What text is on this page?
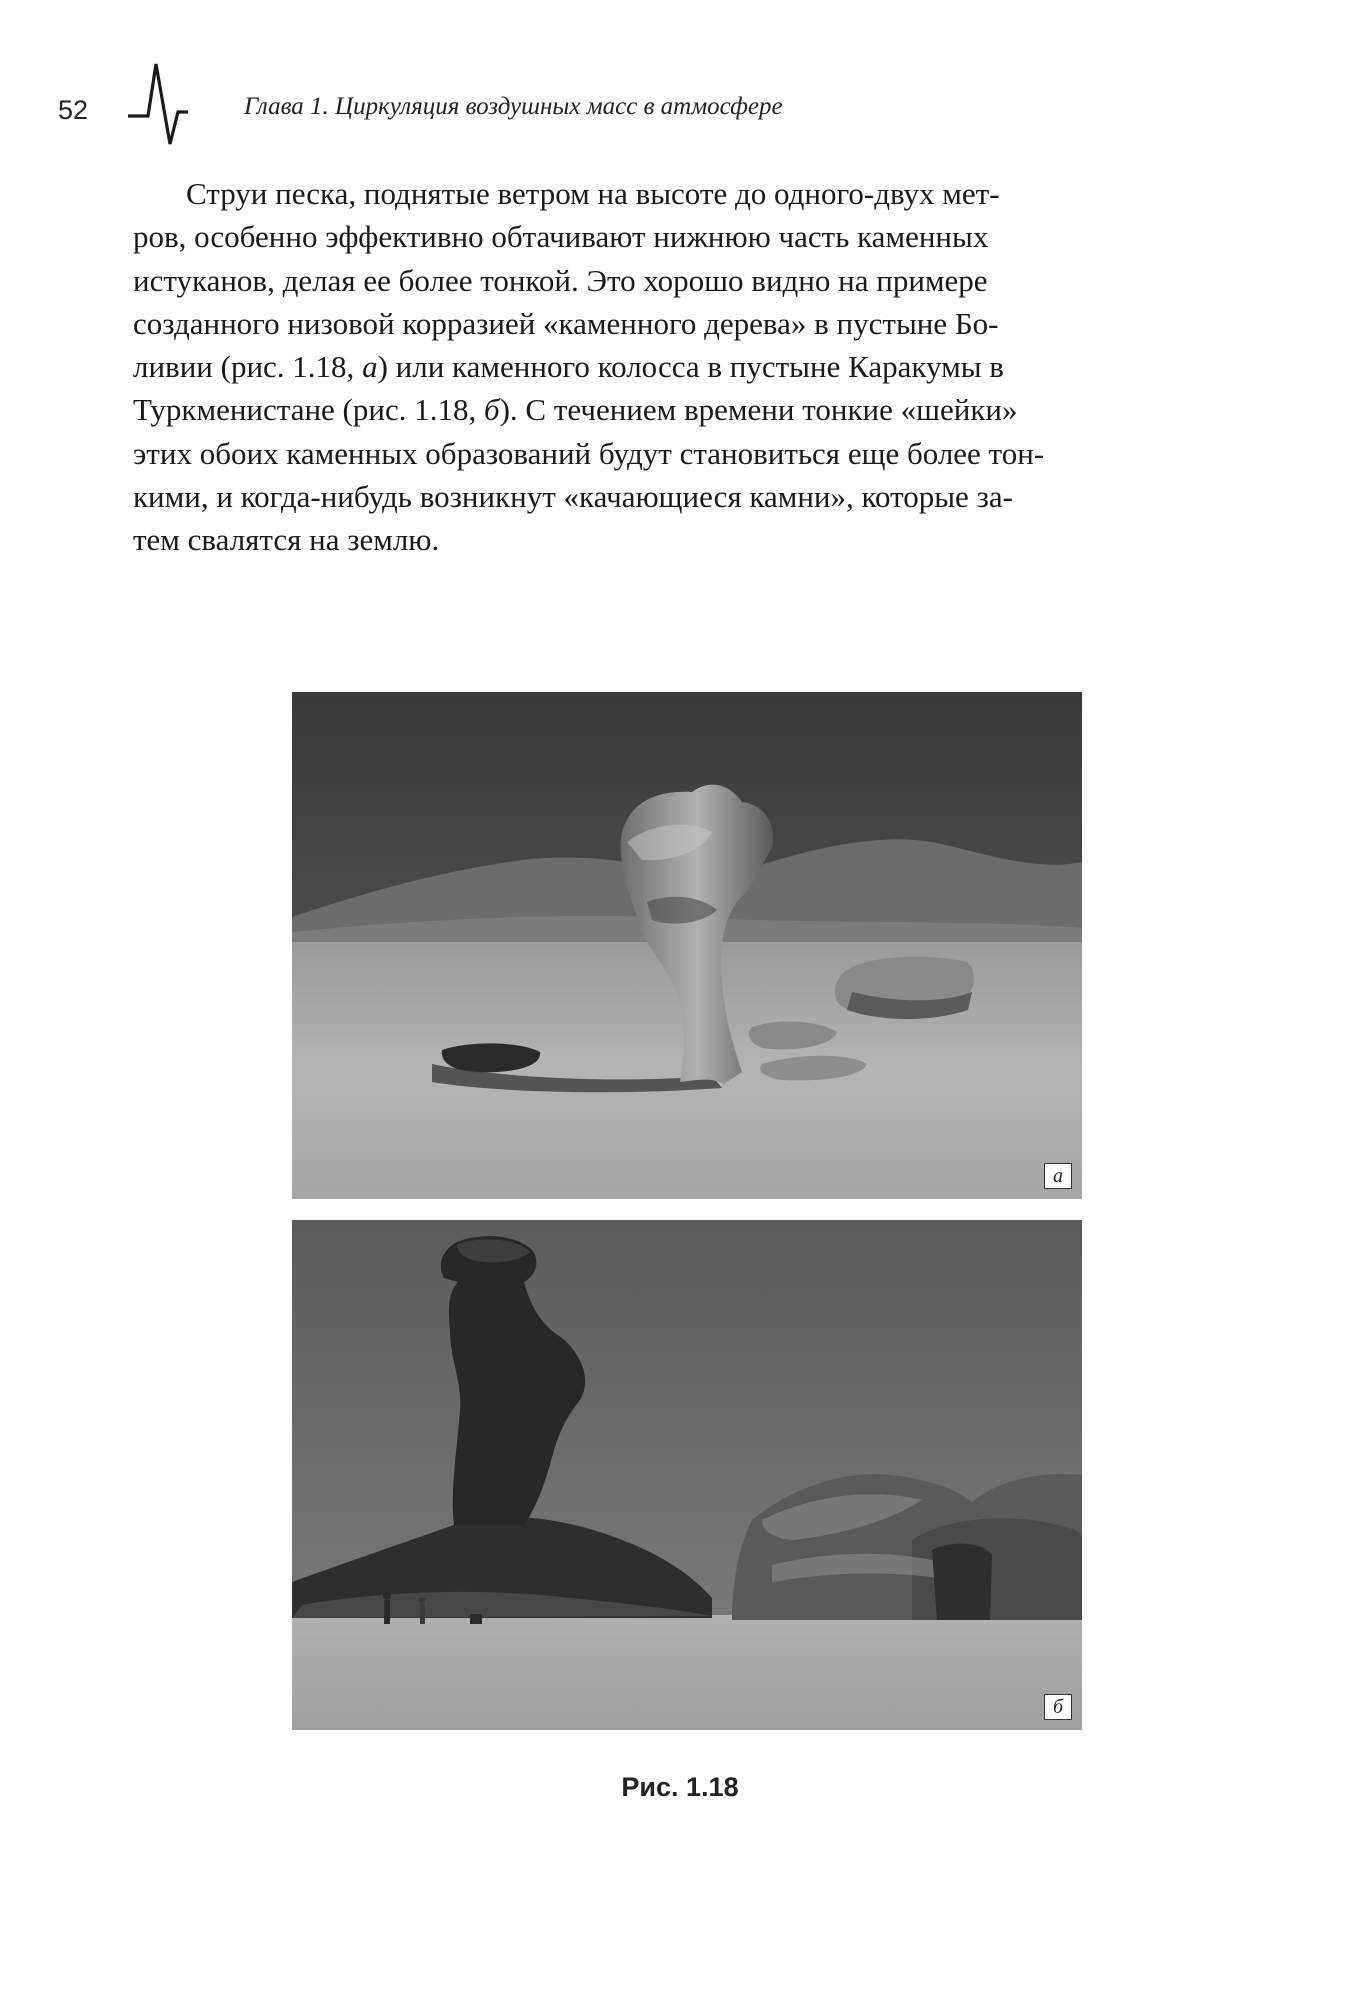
52	Глава 1. Циркуляция воздушных масс в атмосфере

Струи песка, поднятые ветром на высоте до одного-двух мет-
ров, особенно эффективно обтачивают нижнюю часть каменных
истуканов, делая ее более тонкой. Это хорошо видно на примере
созданного низовой корразией «каменного дерева» в пустыне Бо-
ливии (рис. 1.18, а) или каменного колосса в пустыне Каракумы в
Туркменистане (рис. 1.18, б). С течением времени тонкие «шейки»
этих обоих каменных образований будут становиться еще более тон-
кими, и когда-нибудь возникнут «качающиеся камни», которые за-
тем свалятся на землю.

а
б
Рис. 1.18
